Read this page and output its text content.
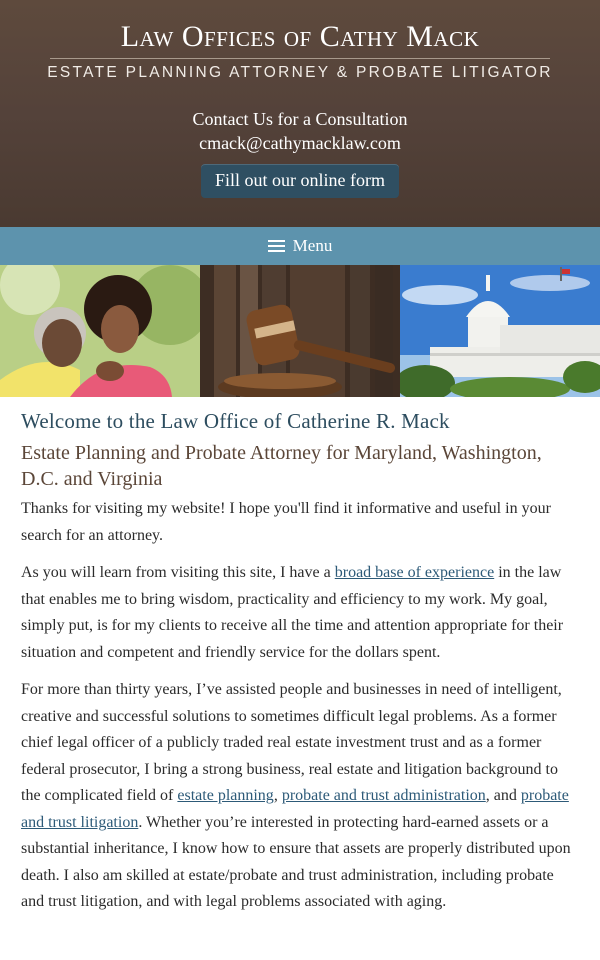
Law Offices of Cathy Mack
ESTATE PLANNING ATTORNEY & PROBATE LITIGATOR
Contact Us for a Consultation
cmack@cathymacklaw.com
Fill out our online form
Menu
Welcome to the Law Office of Catherine R. Mack
Estate Planning and Probate Attorney for Maryland, Washington, D.C. and Virginia

Thanks for visiting my website! I hope you'll find it informative and useful in your search for an attorney.

As you will learn from visiting this site, I have a broad base of experience in the law that enables me to bring wisdom, practicality and efficiency to my work. My goal, simply put, is for my clients to receive all the time and attention appropriate for their situation and competent and friendly service for the dollars spent.

For more than thirty years, I’ve assisted people and businesses in need of intelligent, creative and successful solutions to sometimes difficult legal problems. As a former chief legal officer of a publicly traded real estate investment trust and as a former federal prosecutor, I bring a strong business, real estate and litigation background to the complicated field of estate planning, probate and trust administration, and probate and trust litigation. Whether you’re interested in protecting hard-earned assets or a substantial inheritance, I know how to ensure that assets are properly distributed upon death. I also am skilled at estate/probate and trust administration, including probate and trust litigation, and with legal problems associated with aging.
